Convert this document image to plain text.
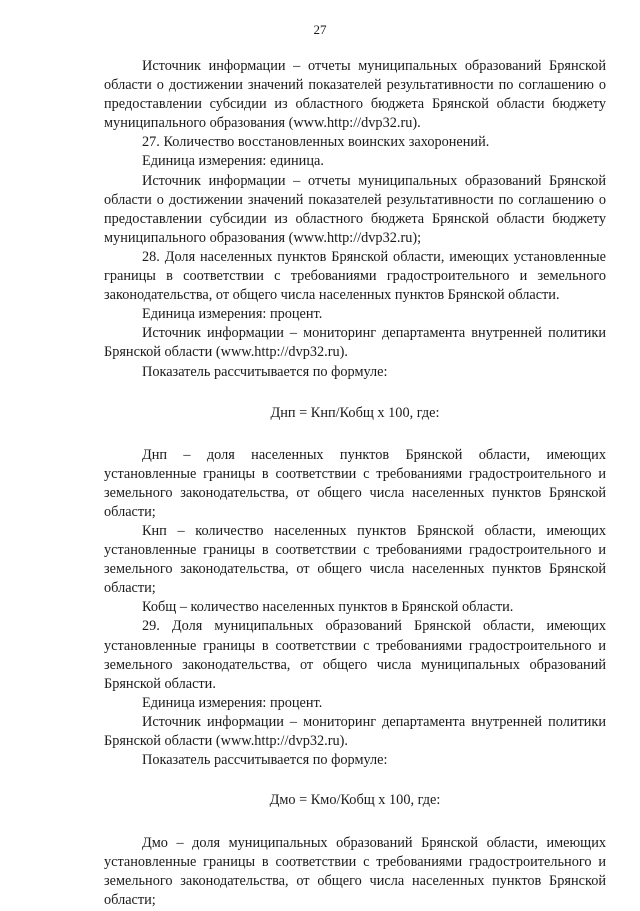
27

Источник информации – отчеты муниципальных образований Брянской области о достижении значений показателей результативности по соглашению о предоставлении субсидии из областного бюджета Брянской области бюджету муниципального образования (www.http://dvp32.ru).

27. Количество восстановленных воинских захоронений.

Единица измерения: единица.

Источник информации – отчеты муниципальных образований Брянской области о достижении значений показателей результативности по соглашению о предоставлении субсидии из областного бюджета Брянской области бюджету муниципального образования (www.http://dvp32.ru);

28. Доля населенных пунктов Брянской области, имеющих установленные границы в соответствии с требованиями градостроительного и земельного законодательства, от общего числа населенных пунктов Брянской области.

Единица измерения: процент.

Источник информации – мониторинг департамента внутренней политики Брянской области (www.http://dvp32.ru).

Показатель рассчитывается по формуле:

Днп = Кнп/Кобщ х 100, где:

Днп – доля населенных пунктов Брянской области, имеющих установленные границы в соответствии с требованиями градостроительного и земельного законодательства, от общего числа населенных пунктов Брянской области;

Кнп – количество населенных пунктов Брянской области, имеющих установленные границы в соответствии с требованиями градостроительного и земельного законодательства, от общего числа населенных пунктов Брянской области;

Кобщ – количество населенных пунктов в Брянской области.

29. Доля муниципальных образований Брянской области, имеющих установленные границы в соответствии с требованиями градостроительного и земельного законодательства, от общего числа муниципальных образований Брянской области.

Единица измерения: процент.

Источник информации – мониторинг департамента внутренней политики Брянской области (www.http://dvp32.ru).

Показатель рассчитывается по формуле:

Дмо = Кмо/Кобщ х 100, где:

Дмо – доля муниципальных образований Брянской области, имеющих установленные границы в соответствии с требованиями градостроительного и земельного законодательства, от общего числа населенных пунктов Брянской области;
